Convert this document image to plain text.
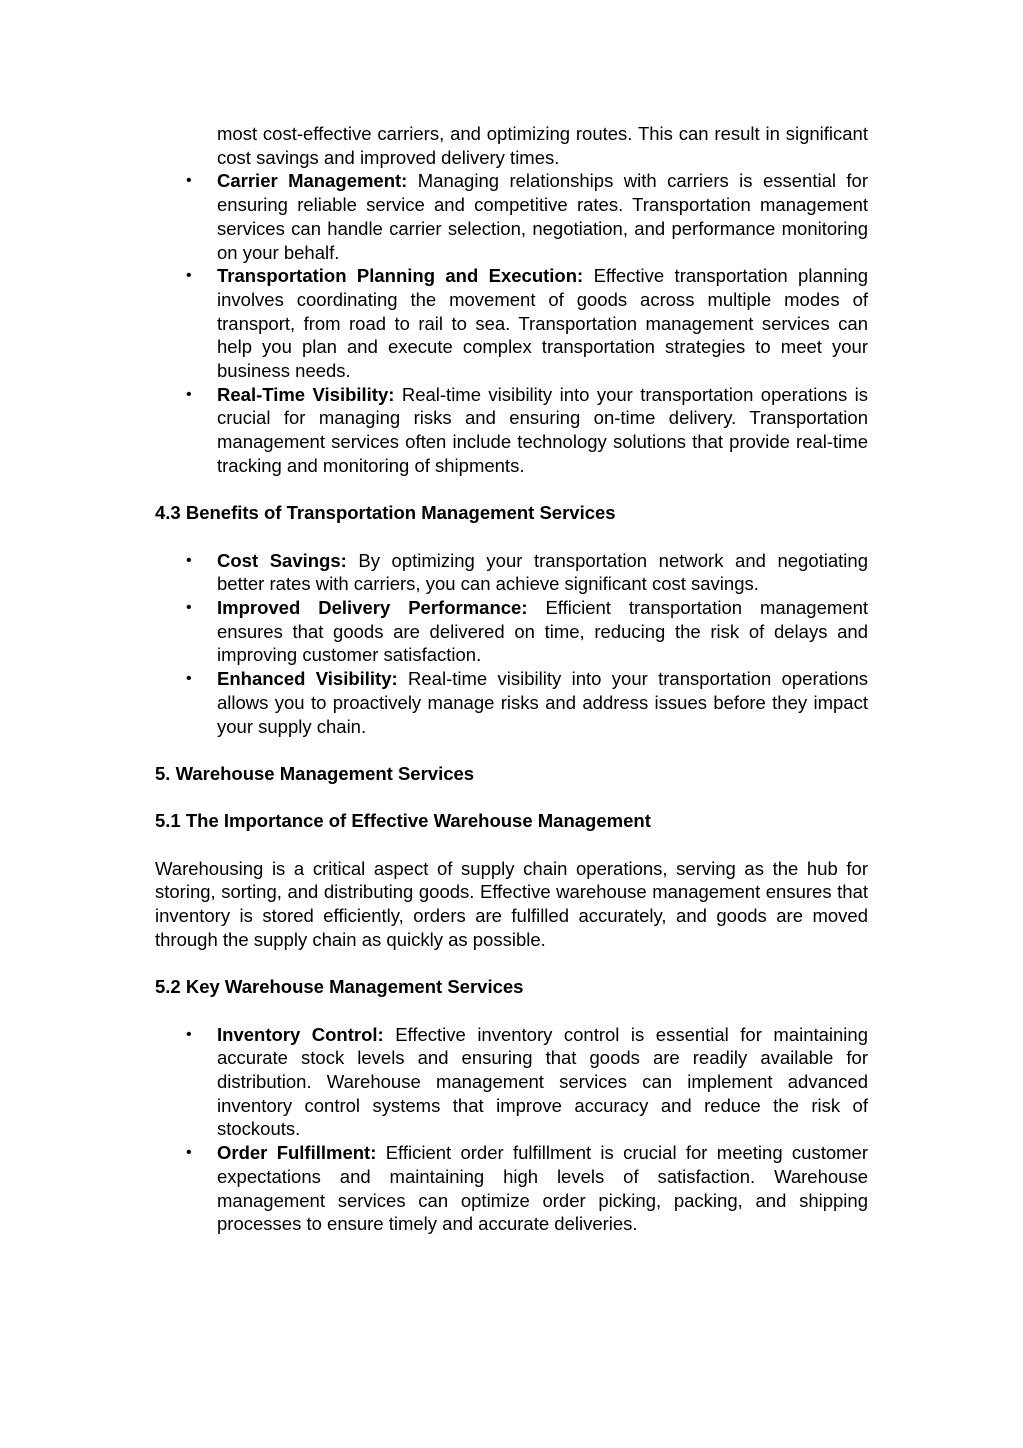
most cost-effective carriers, and optimizing routes. This can result in significant cost savings and improved delivery times.
• Carrier Management: Managing relationships with carriers is essential for ensuring reliable service and competitive rates. Transportation management services can handle carrier selection, negotiation, and performance monitoring on your behalf.
• Transportation Planning and Execution: Effective transportation planning involves coordinating the movement of goods across multiple modes of transport, from road to rail to sea. Transportation management services can help you plan and execute complex transportation strategies to meet your business needs.
• Real-Time Visibility: Real-time visibility into your transportation operations is crucial for managing risks and ensuring on-time delivery. Transportation management services often include technology solutions that provide real-time tracking and monitoring of shipments.

4.3 Benefits of Transportation Management Services

• Cost Savings: By optimizing your transportation network and negotiating better rates with carriers, you can achieve significant cost savings.
• Improved Delivery Performance: Efficient transportation management ensures that goods are delivered on time, reducing the risk of delays and improving customer satisfaction.
• Enhanced Visibility: Real-time visibility into your transportation operations allows you to proactively manage risks and address issues before they impact your supply chain.

5. Warehouse Management Services

5.1 The Importance of Effective Warehouse Management

Warehousing is a critical aspect of supply chain operations, serving as the hub for storing, sorting, and distributing goods. Effective warehouse management ensures that inventory is stored efficiently, orders are fulfilled accurately, and goods are moved through the supply chain as quickly as possible.

5.2 Key Warehouse Management Services

• Inventory Control: Effective inventory control is essential for maintaining accurate stock levels and ensuring that goods are readily available for distribution. Warehouse management services can implement advanced inventory control systems that improve accuracy and reduce the risk of stockouts.
• Order Fulfillment: Efficient order fulfillment is crucial for meeting customer expectations and maintaining high levels of satisfaction. Warehouse management services can optimize order picking, packing, and shipping processes to ensure timely and accurate deliveries.
